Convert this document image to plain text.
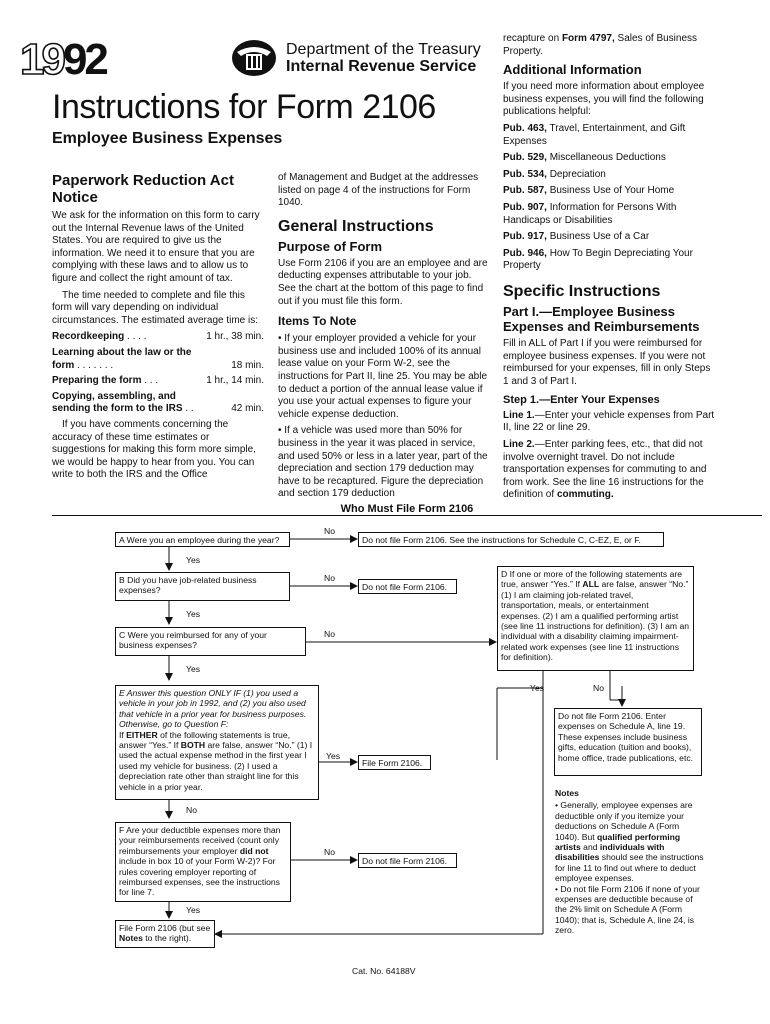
1992	Department of the Treasury
Internal Revenue Service
Instructions for Form 2106
Employee Business Expenses
Paperwork Reduction Act Notice

We ask for the information on this form to carry out the Internal Revenue laws of the United States. You are required to give us the information. We need it to ensure that you are complying with these laws and to allow us to figure and collect the right amount of tax.

The time needed to complete and file this form will vary depending on individual circumstances. The estimated average time is:

Recordkeeping . . . .	1 hr., 38 min.
Learning about the law or the form . . . . . . .	18 min.
Preparing the form . . .	1 hr., 14 min.
Copying, assembling, and sending the form to the IRS . .	42 min.

If you have comments concerning the accuracy of these time estimates or suggestions for making this form more simple, we would be happy to hear from you. You can write to both the IRS and the Office

of Management and Budget at the addresses listed on page 4 of the instructions for Form 1040.

General Instructions
Purpose of Form

Use Form 2106 if you are an employee and are deducting expenses attributable to your job. See the chart at the bottom of this page to find out if you must file this form.

Items To Note

• If your employer provided a vehicle for your business use and included 100% of its annual lease value on your Form W-2, see the instructions for Part II, line 25. You may be able to deduct a portion of the annual lease value if you use your actual expenses to figure your vehicle expense deduction.

• If a vehicle was used more than 50% for business in the year it was placed in service, and used 50% or less in a later year, part of the depreciation and section 179 deduction may have to be recaptured. Figure the depreciation and section 179 deduction

recapture on Form 4797, Sales of Business Property.

Additional Information

If you need more information about employee business expenses, you will find the following publications helpful:

Pub. 463, Travel, Entertainment, and Gift Expenses

Pub. 529, Miscellaneous Deductions

Pub. 534, Depreciation

Pub. 587, Business Use of Your Home

Pub. 907, Information for Persons With Handicaps or Disabilities

Pub. 917, Business Use of a Car

Pub. 946, How To Begin Depreciating Your Property

Specific Instructions
Part I.—Employee Business Expenses and Reimbursements

Fill in ALL of Part I if you were reimbursed for employee business expenses. If you were not reimbursed for your expenses, fill in only Steps 1 and 3 of Part I.

Step 1.—Enter Your Expenses

Line 1.—Enter your vehicle expenses from Part II, line 22 or line 29.

Line 2.—Enter parking fees, etc., that did not involve overnight travel. Do not include transportation expenses for commuting to and from work. See the line 16 instructions for the definition of commuting.

Who Must File Form 2106
A Were you an employee during the year?
No
Do not file Form 2106. See the instructions for Schedule C, C-EZ, E, or F.
Yes
B Did you have job-related business expenses?
No
Do not file Form 2106.
Yes
C Were you reimbursed for any of your business expenses?
No
Yes
D If one or more of the following statements are true, answer “Yes.” If ALL are false, answer “No.” (1) I am claiming job-related travel, transportation, meals, or entertainment expenses. (2) I am a qualified performing artist (see line 11 instructions for definition). (3) I am an individual with a disability claiming impairment-related work expenses (see line 11 instructions for definition).
Yes	No
Do not file Form 2106. Enter expenses on Schedule A, line 19. These expenses include business gifts, education (tuition and books), home office, trade publications, etc.
E Answer this question ONLY IF (1) you used a vehicle in your job in 1992, and (2) you also used that vehicle in a prior year for business purposes. Otherwise, go to Question F:
If EITHER of the following statements is true, answer “Yes.” If BOTH are false, answer “No.” (1) I used the actual expense method in the first year I used my vehicle for business. (2) I used a depreciation rate other than straight line for this vehicle in a prior year.
Yes
File Form 2106.
No
F Are your deductible expenses more than your reimbursements received (count only reimbursements your employer did not include in box 10 of your Form W-2)? For rules covering employer reporting of reimbursed expenses, see the instructions for line 7.
No
Do not file Form 2106.
Yes
File Form 2106 (but see Notes to the right).
Notes
• Generally, employee expenses are deductible only if you itemize your deductions on Schedule A (Form 1040). But qualified performing artists and individuals with disabilities should see the instructions for line 11 to find out where to deduct employee expenses.
• Do not file Form 2106 if none of your expenses are deductible because of the 2% limit on Schedule A (Form 1040); that is, Schedule A, line 24, is zero.
Cat. No. 64188V
